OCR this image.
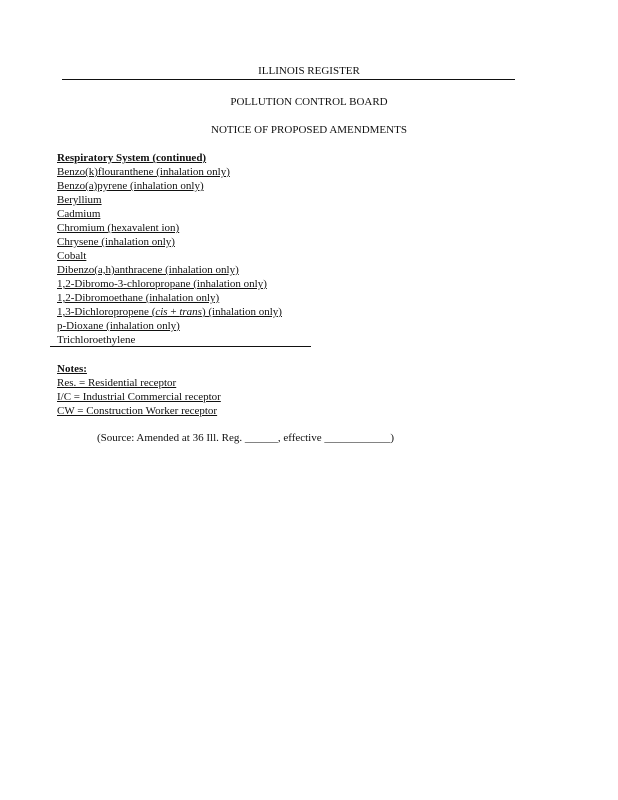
ILLINOIS REGISTER
POLLUTION CONTROL BOARD
NOTICE OF PROPOSED AMENDMENTS
Respiratory System (continued)
Benzo(k)flouranthene (inhalation only)
Benzo(a)pyrene (inhalation only)
Beryllium
Cadmium
Chromium (hexavalent ion)
Chrysene (inhalation only)
Cobalt
Dibenzo(a,h)anthracene (inhalation only)
1,2-Dibromo-3-chloropropane (inhalation only)
1,2-Dibromoethane (inhalation only)
1,3-Dichloropropene (cis + trans) (inhalation only)
p-Dioxane (inhalation only)
Trichloroethylene
Notes:
Res. = Residential receptor
I/C = Industrial Commercial receptor
CW = Construction Worker receptor
(Source: Amended at 36 Ill. Reg. ______, effective ____________)
